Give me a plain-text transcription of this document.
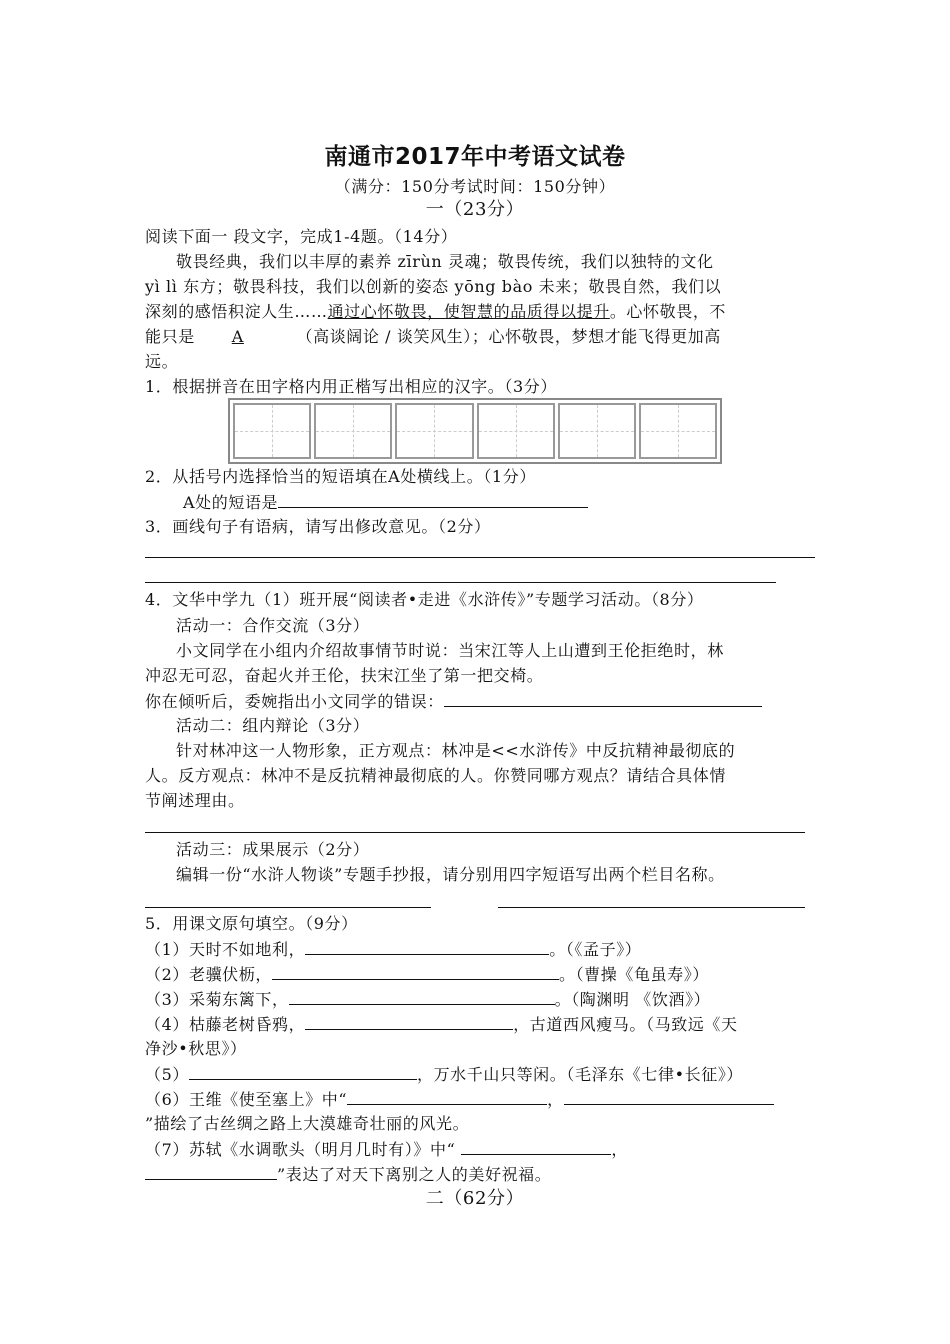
南通市2017年中考语文试卷
（满分：150分考试时间：150分钟）
一（23分）
阅读下面一 段文字，完成1-4题。（14分）
敬畏经典，我们以丰厚的素养 zīrùn 灵魂；敬畏传统，我们以独特的文化
yì lì 东方；敬畏科技，我们以创新的姿态 yōng bào 未来；敬畏自然，我们以
深刻的感悟积淀人生……通过心怀敬畏，使智慧的品质得以提升。心怀敬畏，不
能只是 A	（高谈阔论 / 谈笑风生）；心怀敬畏，梦想才能飞得更加高
远。
1．根据拼音在田字格内用正楷写出相应的汉字。（3分）
2．从括号内选择恰当的短语填在A处横线上。（1分）
A处的短语是
3．画线句子有语病，请写出修改意见。（2分）
4．文华中学九（1）班开展“阅读者•走进《水浒传》”专题学习活动。（8分）
活动一：合作交流（3分）
小文同学在小组内介绍故事情节时说：当宋江等人上山遭到王伦拒绝时，林
冲忍无可忍，奋起火并王伦，扶宋江坐了第一把交椅。
你在倾听后，委婉指出小文同学的错误：
活动二：组内辩论（3分）
针对林冲这一人物形象，正方观点：林冲是<<水浒传》中反抗精神最彻底的
人。反方观点：林冲不是反抗精神最彻底的人。你赞同哪方观点？请结合具体情
节阐述理由。
活动三：成果展示（2分）
编辑一份“水浒人物谈”专题手抄报，请分别用四字短语写出两个栏目名称。
5．用课文原句填空。（9分）
（1）天时不如地利，	。（《孟子》）
（2）老骥伏枥，	。（曹操《龟虽寿》）
（3）采菊东篱下，	。（陶渊明 《饮酒》）
（4）枯藤老树昏鸦，	，古道西风瘦马。（马致远《天
净沙•秋思》）
（5）	，万水千山只等闲。（毛泽东《七律•长征》）
（6）王维《使至塞上》中“	，
”描绘了古丝绸之路上大漠雄奇壮丽的风光。
（7）苏轼《水调歌头（明月几时有）》中“	，
”表达了对天下离别之人的美好祝福。
二（62分）
